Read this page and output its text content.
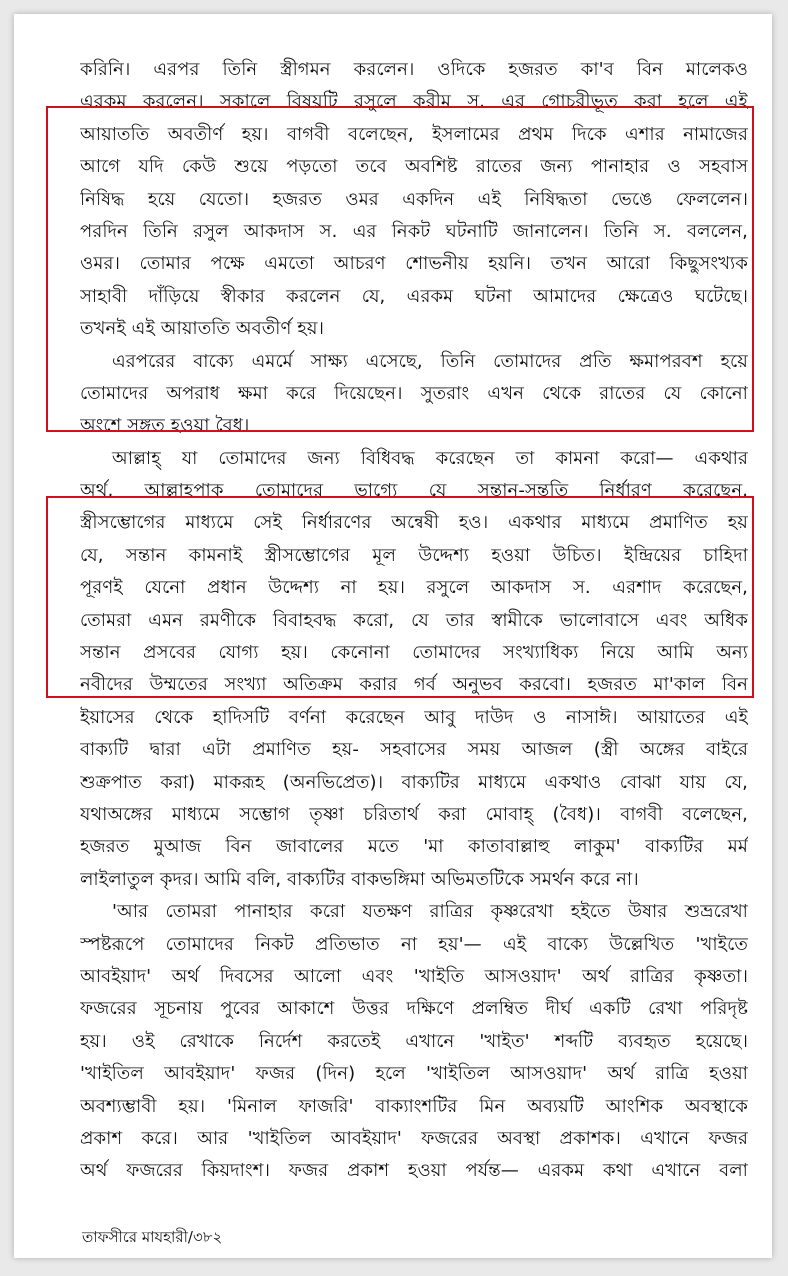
করিনি। এরপর তিনি স্ত্রীগমন করলেন। ওদিকে হজরত কা'ব বিন মালেকও
এরকম করলেন। সকালে বিষয়টি রসুলে করীম স. এর গোচরীভূত করা হলে এই
আয়াততি অবতীর্ণ হয়। বাগবী বলেছেন, ইসলামের প্রথম দিকে এশার নামাজের
আগে যদি কেউ শুয়ে পড়তো তবে অবশিষ্ট রাতের জন্য পানাহার ও সহবাস
নিষিদ্ধ হয়ে যেতো। হজরত ওমর একদিন এই নিষিদ্ধতা ভেঙে ফেললেন।
পরদিন তিনি রসুল আকদাস স. এর নিকট ঘটনাটি জানালেন। তিনি স. বললেন,
ওমর। তোমার পক্ষে এমতো আচরণ শোভনীয় হয়নি। তখন আরো কিছুসংখ্যক
সাহাবী দাঁড়িয়ে স্বীকার করলেন যে, এরকম ঘটনা আমাদের ক্ষেত্রেও ঘটেছে।
তখনই এই আয়াততি অবতীর্ণ হয়।
এরপরের বাক্যে এমর্মে সাক্ষ্য এসেছে, তিনি তোমাদের প্রতি ক্ষমাপরবশ হয়ে
তোমাদের অপরাধ ক্ষমা করে দিয়েছেন। সুতরাং এখন থেকে রাতের যে কোনো
অংশে সঙ্গত হওয়া বৈধ।
আল্লাহ্ যা তোমাদের জন্য বিধিবদ্ধ করেছেন তা কামনা করো— একথার
অর্থ, আল্লাহপাক তোমাদের ভাগ্যে যে সন্তান-সন্ততি নির্ধারণ করেছেন,
স্ত্রীসম্ভোগের মাধ্যমে সেই নির্ধারণের অন্বেষী হও। একথার মাধ্যমে প্রমাণিত হয়
যে, সন্তান কামনাই স্ত্রীসম্ভোগের মূল উদ্দেশ্য হওয়া উচিত। ইন্দ্রিয়ের চাহিদা
পূরণই যেনো প্রধান উদ্দেশ্য না হয়। রসুলে আকদাস স. এরশাদ করেছেন,
তোমরা এমন রমণীকে বিবাহবদ্ধ করো, যে তার স্বামীকে ভালোবাসে এবং অধিক
সন্তান প্রসবের যোগ্য হয়। কেনোনা তোমাদের সংখ্যাধিক্য নিয়ে আমি অন্য
নবীদের উম্মতের সংখ্যা অতিক্রম করার গর্ব অনুভব করবো। হজরত মা'কাল বিন
ইয়াসের থেকে হাদিসটি বর্ণনা করেছেন আবু দাউদ ও নাসাঈ। আয়াতের এই
বাক্যটি দ্বারা এটা প্রমাণিত হয়- সহবাসের সময় আজল (স্ত্রী অঙ্গের বাইরে
শুক্রপাত করা) মাকরূহ (অনভিপ্রেত)। বাক্যটির মাধ্যমে একথাও বোঝা যায় যে,
যথাঅঙ্গের মাধ্যমে সম্ভোগ তৃষ্ণা চরিতার্থ করা মোবাহ্ (বৈধ)। বাগবী বলেছেন,
হজরত মুআজ বিন জাবালের মতে 'মা কাতাবাল্লাহু লাকুম' বাক্যটির মর্ম
লাইলাতুল কৃদর। আমি বলি, বাক্যটির বাকভঙ্গিমা অভিমতটিকে সমর্থন করে না।
'আর তোমরা পানাহার করো যতক্ষণ রাত্রির কৃষ্ণরেখা হইতে উষার শুভ্ররেখা
স্পষ্টরূপে তোমাদের নিকট প্রতিভাত না হয়'— এই বাক্যে উল্লেখিত 'খাইতে
আবইয়াদ' অর্থ দিবসের আলো এবং 'খাইতি আসওয়াদ' অর্থ রাত্রির কৃষ্ণতা।
ফজরের সূচনায় পুবের আকাশে উত্তর দক্ষিণে প্রলম্বিত দীর্ঘ একটি রেখা পরিদৃষ্ট
হয়। ওই রেখাকে নির্দেশ করতেই এখানে 'খাইত' শব্দটি ব্যবহৃত হয়েছে।
'খাইতিল আবইয়াদ' ফজর (দিন) হলে 'খাইতিল আসওয়াদ' অর্থ রাত্রি হওয়া
অবশ্যম্ভাবী হয়। 'মিনাল ফাজরি' বাক্যাংশটির মিন অব্যয়টি আংশিক অবস্থাকে
প্রকাশ করে। আর 'খাইতিল আবইয়াদ' ফজরের অবস্থা প্রকাশক। এখানে ফজর
অর্থ ফজরের কিয়দাংশ। ফজর প্রকাশ হওয়া পর্যন্ত— এরকম কথা এখানে বলা
তাফসীরে মাযহারী/৩৮২
